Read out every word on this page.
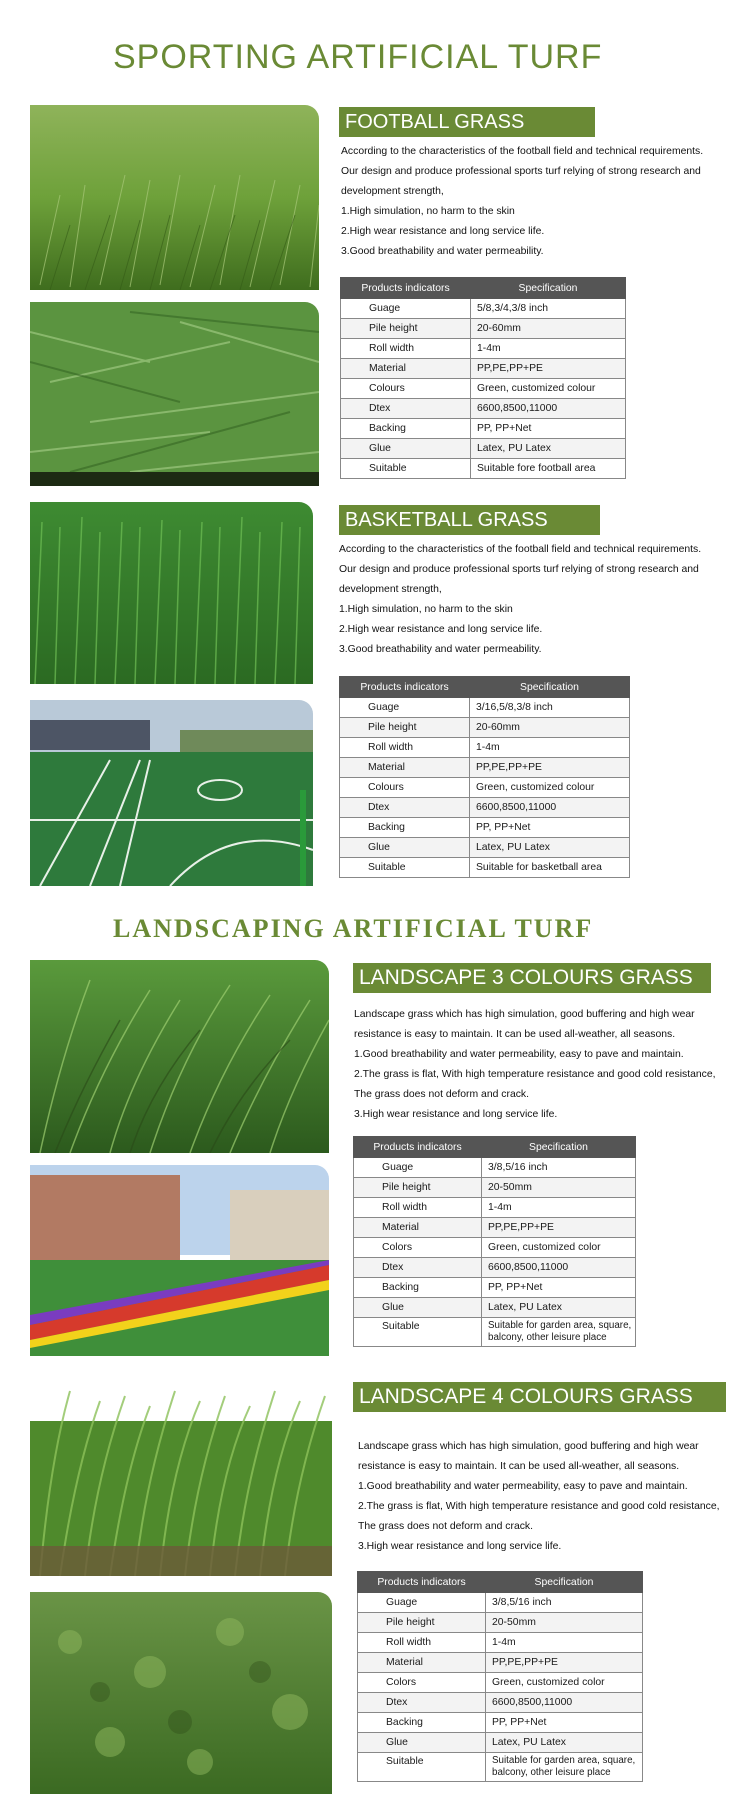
SPORTING ARTIFICIAL TURF
LANDSCAPING ARTIFICIAL TURF
FOOTBALL GRASS

According to the characteristics of the football field and technical requirements.

Our design and produce professional sports turf relying of strong research and

development strength,

1.High simulation, no harm to the skin

2.High wear resistance and long service life.

3.Good breathability and water permeability.

Products indicators	Specification
Guage	5/8,3/4,3/8 inch
Pile height	20-60mm
Roll width	1-4m
Material	PP,PE,PP+PE
Colours	Green, customized colour
Dtex	6600,8500,11000
Backing	PP, PP+Net
Glue	Latex, PU Latex
Suitable	Suitable fore football area
BASKETBALL GRASS

According to the characteristics of the football field and technical requirements.

Our design and produce professional sports turf relying of strong research and

development strength,

1.High simulation, no harm to the skin

2.High wear resistance and long service life.

3.Good breathability and water permeability.

Products indicators	Specification
Guage	3/16,5/8,3/8 inch
Pile height	20-60mm
Roll width	1-4m
Material	PP,PE,PP+PE
Colours	Green, customized colour
Dtex	6600,8500,11000
Backing	PP, PP+Net
Glue	Latex, PU Latex
Suitable	Suitable for basketball area
LANDSCAPE 3 COLOURS GRASS

Landscape grass which has high simulation, good buffering and high wear

resistance is easy to maintain. It can be used all-weather, all seasons.

1.Good breathability and water permeability, easy to pave and maintain.

2.The grass is flat, With high temperature resistance and good cold resistance,

The grass does not deform and crack.

3.High wear resistance and long service life.

Products indicators	Specification
Guage	3/8,5/16 inch
Pile height	20-50mm
Roll width	1-4m
Material	PP,PE,PP+PE
Colors	Green, customized color
Dtex	6600,8500,11000
Backing	PP, PP+Net
Glue	Latex, PU Latex
Suitable	Suitable for garden area, square,
balcony, other leisure place
LANDSCAPE 4 COLOURS GRASS

Landscape grass which has high simulation, good buffering and high wear

resistance is easy to maintain. It can be used all-weather, all seasons.

1.Good breathability and water permeability, easy to pave and maintain.

2.The grass is flat, With high temperature resistance and good cold resistance,

The grass does not deform and crack.

3.High wear resistance and long service life.

Products indicators	Specification
Guage	3/8,5/16 inch
Pile height	20-50mm
Roll width	1-4m
Material	PP,PE,PP+PE
Colors	Green, customized color
Dtex	6600,8500,11000
Backing	PP, PP+Net
Glue	Latex, PU Latex
Suitable	Suitable for garden area, square,
balcony, other leisure place
